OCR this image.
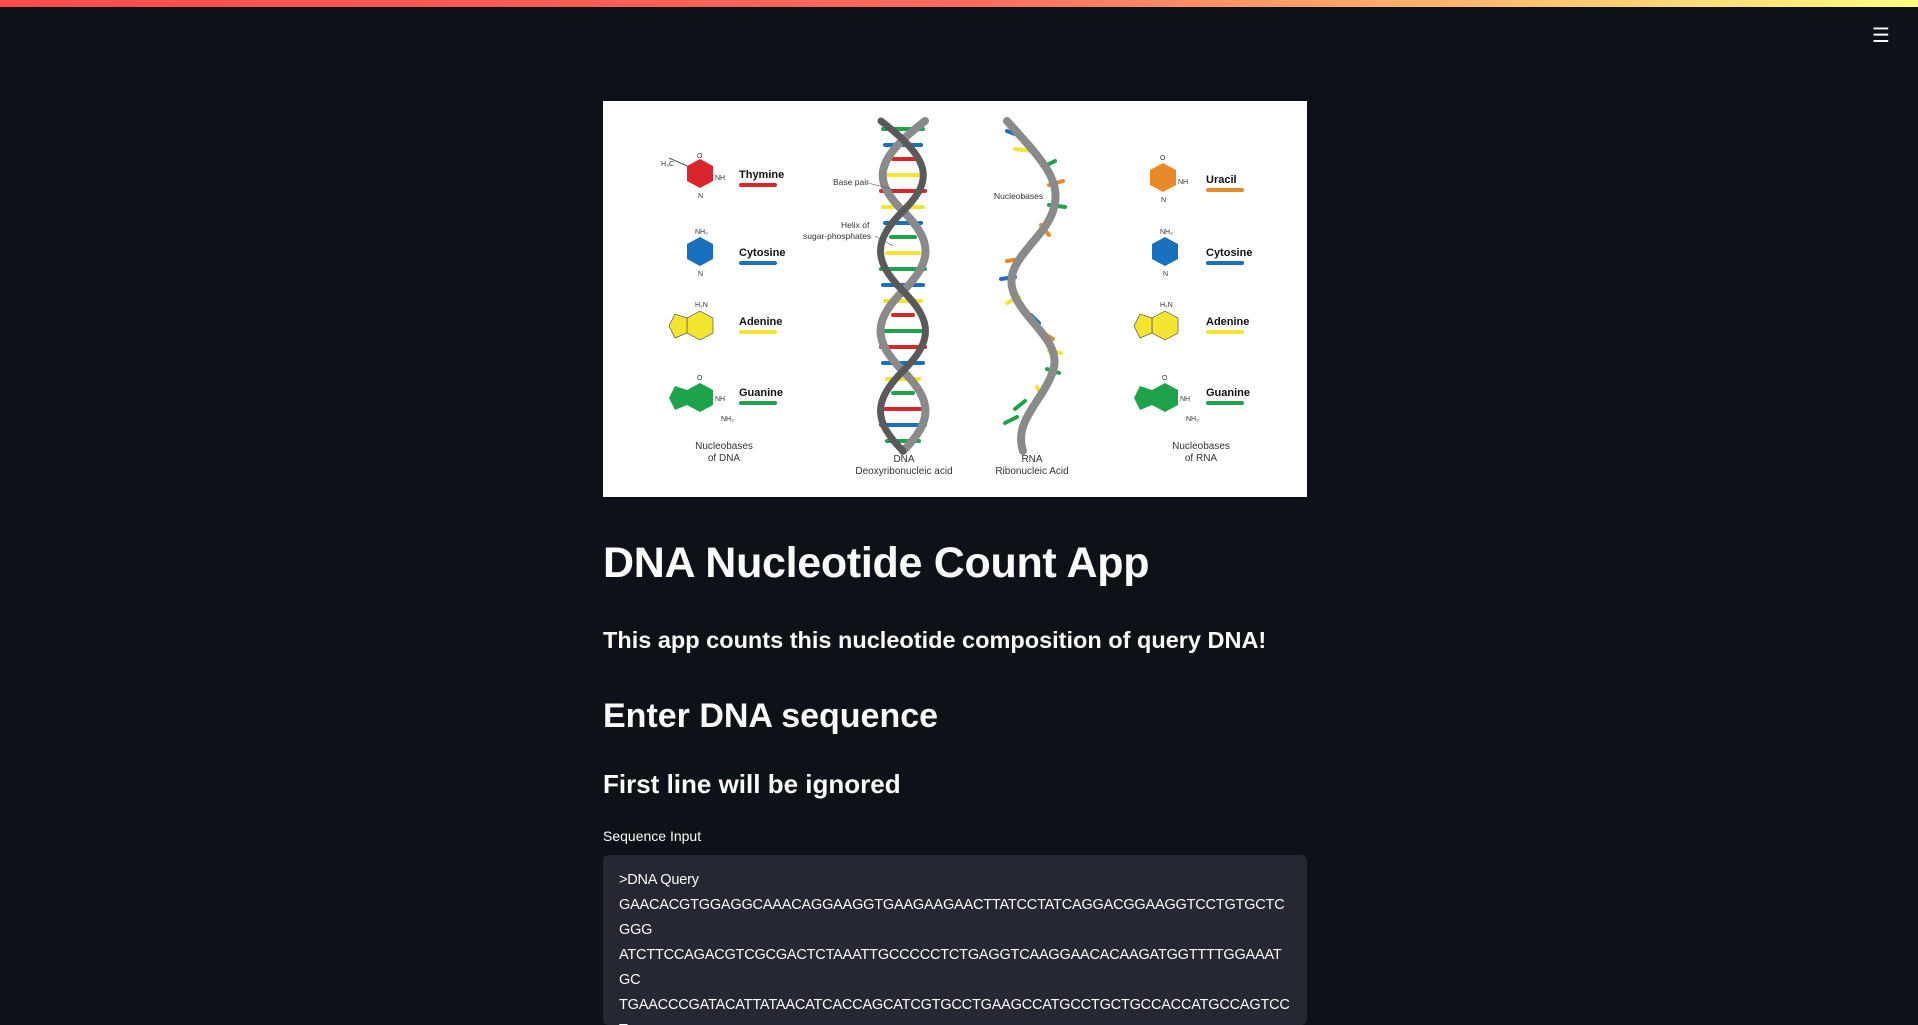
☰
H₃C
O
NH
N
Thymine
NH₂
N
Cytosine
H₂N
Adenine
O
NH
NH₂
Guanine
Nucleobases
of DNA
Base pair
Helix of
sugar-phosphates
DNA
Deoxyribonucleic acid
Nucleobases
RNA
Ribonucleic Acid
O
NH
N
Uracil
NH₂
N
Cytosine
H₂N
Adenine
O
NH
NH₂
Guanine
Nucleobases
of RNA
DNA Nucleotide Count App
This app counts this nucleotide composition of query DNA!
Enter DNA sequence
First line will be ignored
Sequence Input
>DNA Query GAACACGTGGAGGCAAACAGGAAGGTGAAGAAGAACTTATCCTATCAGGACGGAAGGTCCTGTGCTCGGG ATCTTCCAGACGTCGCGACTCTAAATTGCCCCCTCTGAGGTCAAGGAACACAAGATGGTTTTGGAAATGC TGAACCCGATACATTATAACATCACCAGCATCGTGCCTGAAGCCATGCCTGCTGCCACCATGCCAGTCCT
